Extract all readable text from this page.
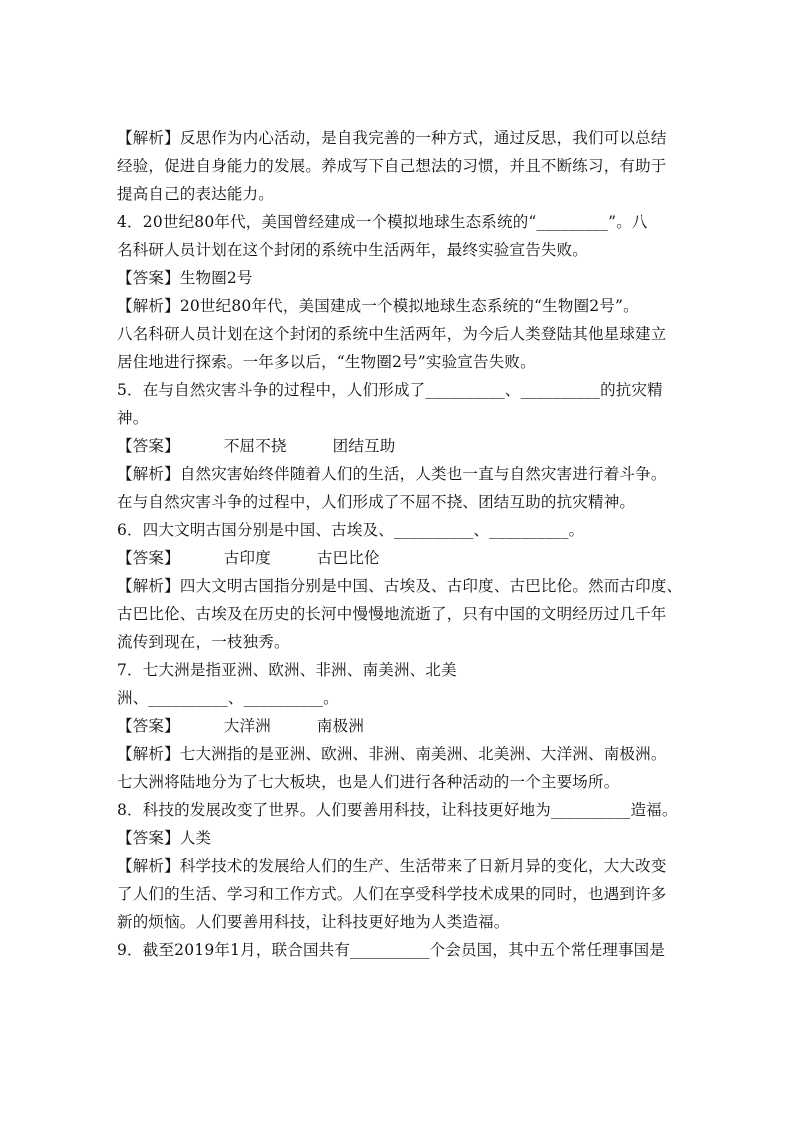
【解析】反思作为内心活动，是自我完善的一种方式，通过反思，我们可以总结
经验，促进自身能力的发展。养成写下自己想法的习惯，并且不断练习，有助于
提高自己的表达能力。
4．20世纪80年代，美国曾经建成一个模拟地球生态系统的“_________”。八
名科研人员计划在这个封闭的系统中生活两年，最终实验宣告失败。
【答案】生物圈2号
【解析】20世纪80年代，美国建成一个模拟地球生态系统的“生物圈2号”。
八名科研人员计划在这个封闭的系统中生活两年，为今后人类登陆其他星球建立
居住地进行探索。一年多以后，“生物圈2号”实验宣告失败。
5．在与自然灾害斗争的过程中，人们形成了__________、__________的抗灾精
神。
【答案】	不屈不挠	团结互助
【解析】自然灾害始终伴随着人们的生活，人类也一直与自然灾害进行着斗争。
在与自然灾害斗争的过程中，人们形成了不屈不挠、团结互助的抗灾精神。
6．四大文明古国分别是中国、古埃及、__________、__________。
【答案】	古印度	古巴比伦
【解析】四大文明古国指分别是中国、古埃及、古印度、古巴比伦。然而古印度、
古巴比伦、古埃及在历史的长河中慢慢地流逝了，只有中国的文明经历过几千年
流传到现在，一枝独秀。
7．七大洲是指亚洲、欧洲、非洲、南美洲、北美
洲、__________、__________。
【答案】	大洋洲	南极洲
【解析】七大洲指的是亚洲、欧洲、非洲、南美洲、北美洲、大洋洲、南极洲。
七大洲将陆地分为了七大板块，也是人们进行各种活动的一个主要场所。
8．科技的发展改变了世界。人们要善用科技，让科技更好地为__________造福。
【答案】人类
【解析】科学技术的发展给人们的生产、生活带来了日新月异的变化，大大改变
了人们的生活、学习和工作方式。人们在享受科学技术成果的同时，也遇到许多
新的烦恼。人们要善用科技，让科技更好地为人类造福。
9．截至2019年1月，联合国共有__________个会员国，其中五个常任理事国是
